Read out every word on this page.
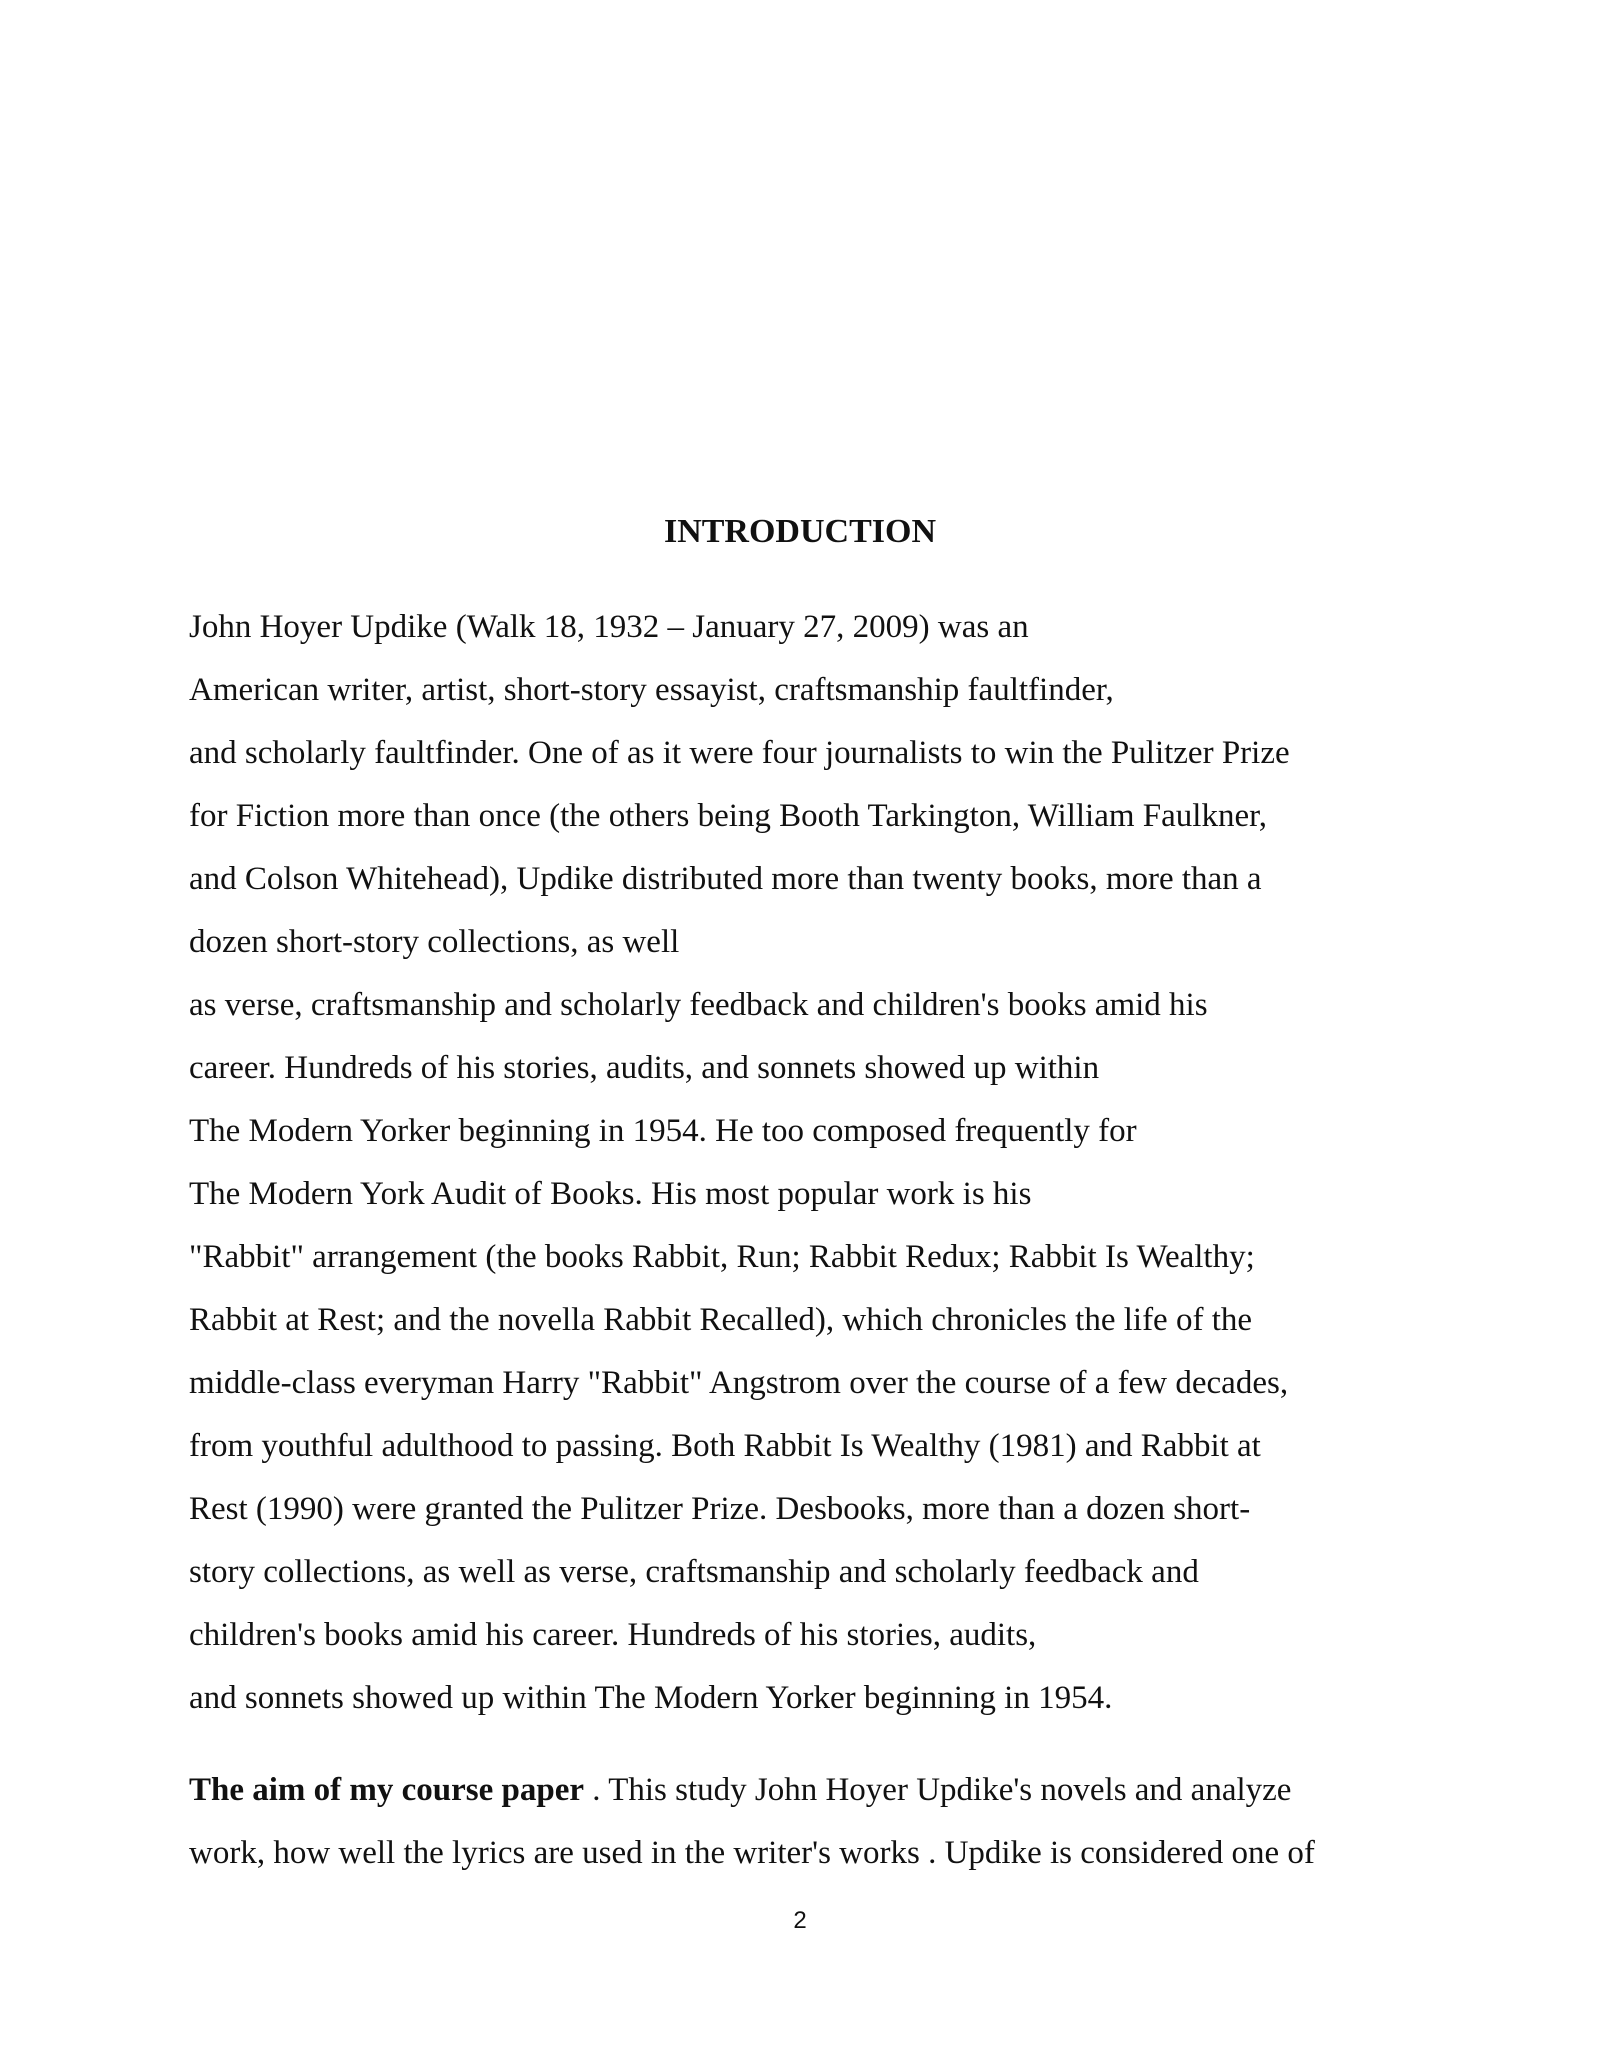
INTRODUCTION

John Hoyer Updike (Walk 18, 1932 – January 27, 2009) was an
American writer, artist, short-story essayist, craftsmanship faultfinder,
and scholarly faultfinder. One of as it were four journalists to win the Pulitzer Prize
for Fiction more than once (the others being Booth Tarkington, William Faulkner,
and Colson Whitehead), Updike distributed more than twenty books, more than a
dozen short-story collections, as well
as verse, craftsmanship and scholarly feedback and children's books amid his
career. Hundreds of his stories, audits, and sonnets showed up within
The Modern Yorker beginning in 1954. He too composed frequently for
The Modern York Audit of Books. His most popular work is his
"Rabbit" arrangement (the books Rabbit, Run; Rabbit Redux; Rabbit Is Wealthy;
Rabbit at Rest; and the novella Rabbit Recalled), which chronicles the life of the
middle-class everyman Harry "Rabbit" Angstrom over the course of a few decades,
from youthful adulthood to passing. Both Rabbit Is Wealthy (1981) and Rabbit at
Rest (1990) were granted the Pulitzer Prize. Desbooks, more than a dozen short-
story collections, as well as verse, craftsmanship and scholarly feedback and
children's books amid his career. Hundreds of his stories, audits,
and sonnets showed up within The Modern Yorker beginning in 1954.

The aim of my course paper . This study John Hoyer Updike's novels and analyze
work, how well the lyrics are used in the writer's works . Updike is considered one of

2
